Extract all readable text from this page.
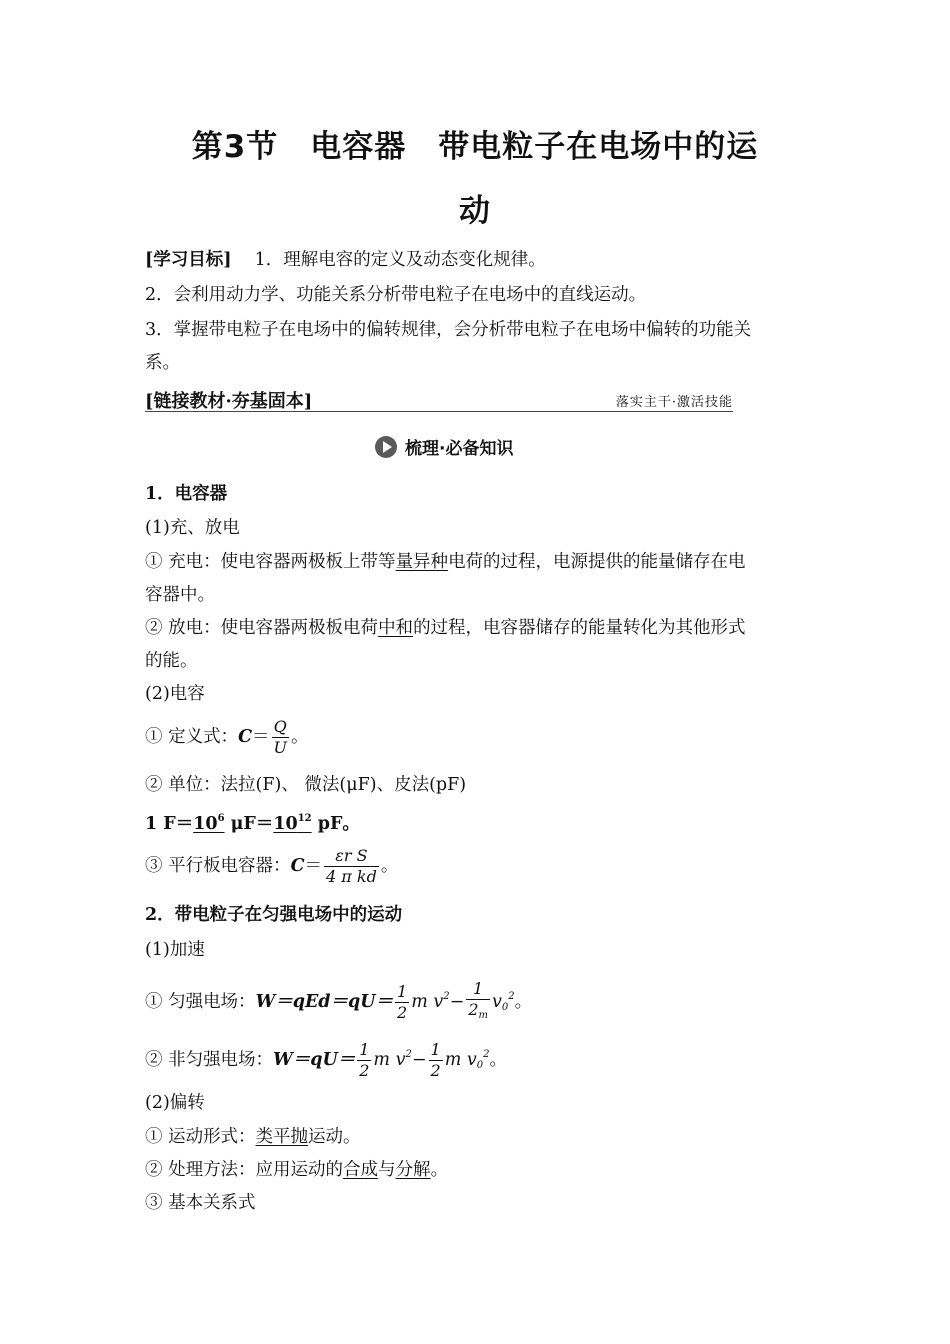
第3节　电容器　带电粒子在电场中的运
动
[学习目标]　 1．理解电容的定义及动态变化规律。
2．会利用动力学、功能关系分析带电粒子在电场中的直线运动。
3．掌握带电粒子在电场中的偏转规律，会分析带电粒子在电场中偏转的功能关
系。
[链接教材·夯基固本]	落实主干·激活技能
梳理·必备知识
1．电容器
(1)充、放电
① 充电：使电容器两极板上带等量异种电荷的过程，电源提供的能量储存在电
容器中。
② 放电：使电容器两极板电荷中和的过程，电容器储存的能量转化为其他形式
的能。
(2)电容
① 定义式：$C= \frac{Q}{U}$ 。
② 单位：法拉(F)、 微法(μF)、皮法(pF)
1 $F=10^6$ $\mu F=10^{12}$ pF。
③ 平行板电容器：$C= \frac{\text{εr S}}{\text{4 π kd}}$ 。
2．带电粒子在匀强电场中的运动
(1)加速
① 匀强电场：$W=qEd=qU= \frac{1}{2}$ m $v^2- \frac{1}{2_m} v_0^2$。
② 非匀强电场：$W=qU= \frac{1}{2}$ m $v^2- \frac{1}{2}$ m $v_0^2$。
(2)偏转
① 运动形式：类平抛运动。
② 处理方法：应用运动的合成与分解。
③ 基本关系式
